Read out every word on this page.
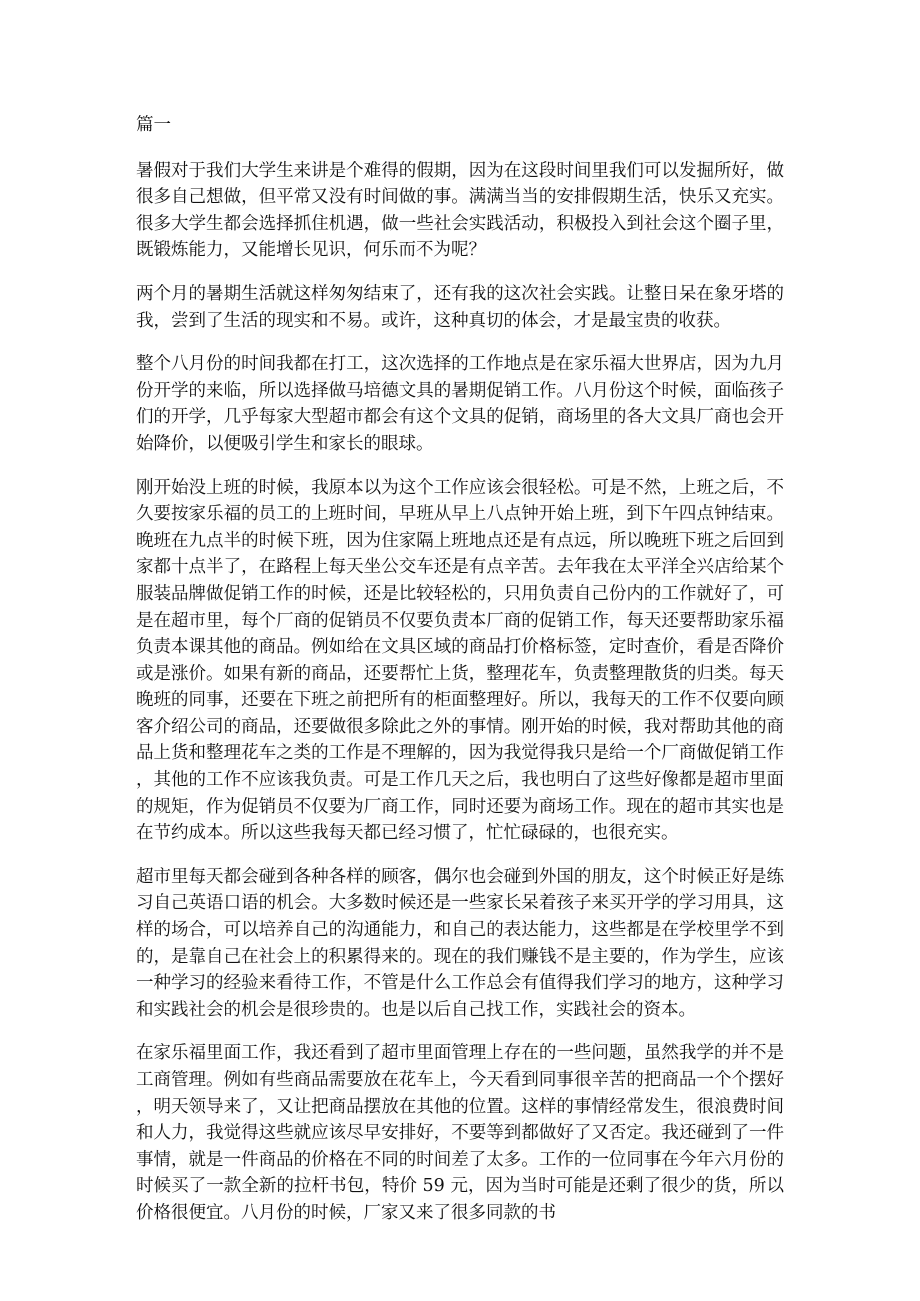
篇一

暑假对于我们大学生来讲是个难得的假期，因为在这段时间里我们可以发掘所好，做很多自己想做，但平常又没有时间做的事。满满当当的安排假期生活，快乐又充实。很多大学生都会选择抓住机遇，做一些社会实践活动，积极投入到社会这个圈子里，既锻炼能力，又能增长见识，何乐而不为呢？

两个月的暑期生活就这样匆匆结束了，还有我的这次社会实践。让整日呆在象牙塔的我，尝到了生活的现实和不易。或许，这种真切的体会，才是最宝贵的收获。

整个八月份的时间我都在打工，这次选择的工作地点是在家乐福大世界店，因为九月份开学的来临，所以选择做马培德文具的暑期促销工作。八月份这个时候，面临孩子们的开学，几乎每家大型超市都会有这个文具的促销，商场里的各大文具厂商也会开始降价，以便吸引学生和家长的眼球。

刚开始没上班的时候，我原本以为这个工作应该会很轻松。可是不然，上班之后，不久要按家乐福的员工的上班时间，早班从早上八点钟开始上班，到下午四点钟结束。晚班在九点半的时候下班，因为住家隔上班地点还是有点远，所以晚班下班之后回到家都十点半了，在路程上每天坐公交车还是有点辛苦。去年我在太平洋全兴店给某个服装品牌做促销工作的时候，还是比较轻松的，只用负责自己份内的工作就好了，可是在超市里，每个厂商的促销员不仅要负责本厂商的促销工作，每天还要帮助家乐福负责本课其他的商品。例如给在文具区域的商品打价格标签，定时查价，看是否降价或是涨价。如果有新的商品，还要帮忙上货，整理花车，负责整理散货的归类。每天晚班的同事，还要在下班之前把所有的柜面整理好。所以，我每天的工作不仅要向顾客介绍公司的商品，还要做很多除此之外的事情。刚开始的时候，我对帮助其他的商品上货和整理花车之类的工作是不理解的，因为我觉得我只是给一个厂商做促销工作，其他的工作不应该我负责。可是工作几天之后，我也明白了这些好像都是超市里面的规矩，作为促销员不仅要为厂商工作，同时还要为商场工作。现在的超市其实也是在节约成本。所以这些我每天都已经习惯了，忙忙碌碌的，也很充实。

超市里每天都会碰到各种各样的顾客，偶尔也会碰到外国的朋友，这个时候正好是练习自己英语口语的机会。大多数时候还是一些家长呆着孩子来买开学的学习用具，这样的场合，可以培养自己的沟通能力，和自己的表达能力，这些都是在学校里学不到的，是靠自己在社会上的积累得来的。现在的我们赚钱不是主要的，作为学生，应该一种学习的经验来看待工作，不管是什么工作总会有值得我们学习的地方，这种学习和实践社会的机会是很珍贵的。也是以后自己找工作，实践社会的资本。

在家乐福里面工作，我还看到了超市里面管理上存在的一些问题，虽然我学的并不是工商管理。例如有些商品需要放在花车上，今天看到同事很辛苦的把商品一个个摆好，明天领导来了，又让把商品摆放在其他的位置。这样的事情经常发生，很浪费时间和人力，我觉得这些就应该尽早安排好，不要等到都做好了又否定。我还碰到了一件事情，就是一件商品的价格在不同的时间差了太多。工作的一位同事在今年六月份的时候买了一款全新的拉杆书包，特价 59 元，因为当时可能是还剩了很少的货，所以价格很便宜。八月份的时候，厂家又来了很多同款的书
